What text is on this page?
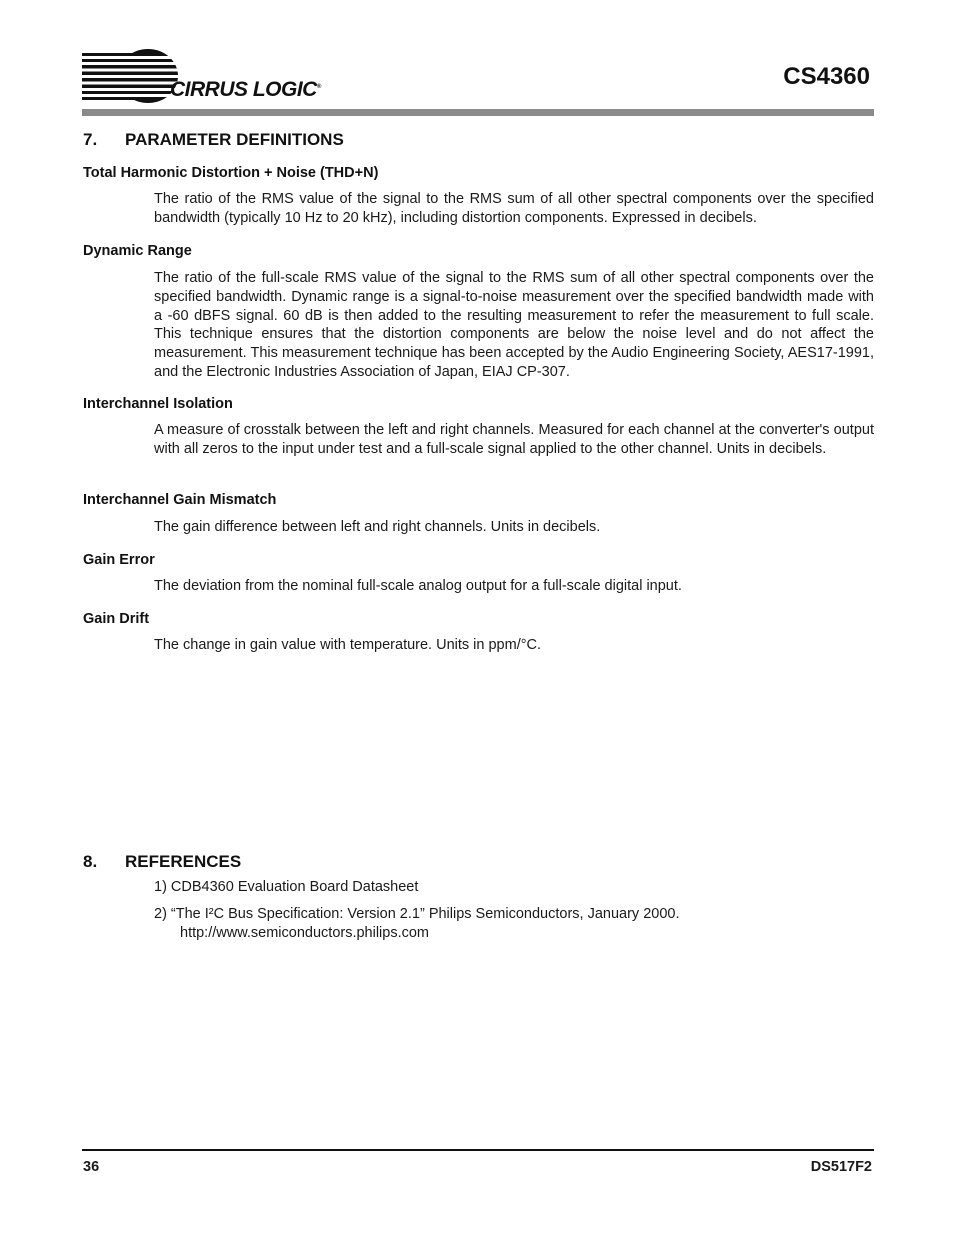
CIRRUS LOGIC®	CS4360
7. PARAMETER DEFINITIONS
Total Harmonic Distortion + Noise (THD+N)
The ratio of the RMS value of the signal to the RMS sum of all other spectral components over the specified bandwidth (typically 10 Hz to 20 kHz), including distortion components. Expressed in decibels.
Dynamic Range
The ratio of the full-scale RMS value of the signal to the RMS sum of all other spectral components over the specified bandwidth. Dynamic range is a signal-to-noise measurement over the specified bandwidth made with a -60 dBFS signal. 60 dB is then added to the resulting measurement to refer the measurement to full scale. This technique ensures that the distortion components are below the noise level and do not affect the measurement. This measurement technique has been accepted by the Audio Engineering Society, AES17-1991, and the Electronic Industries Association of Japan, EIAJ CP-307.
Interchannel Isolation
A measure of crosstalk between the left and right channels. Measured for each channel at the converter's output with all zeros to the input under test and a full-scale signal applied to the other channel. Units in decibels.
Interchannel Gain Mismatch
The gain difference between left and right channels. Units in decibels.
Gain Error
The deviation from the nominal full-scale analog output for a full-scale digital input.
Gain Drift
The change in gain value with temperature. Units in ppm/°C.
8. REFERENCES
1) CDB4360 Evaluation Board Datasheet
2) “The I²C Bus Specification: Version 2.1” Philips Semiconductors, January 2000.
http://www.semiconductors.philips.com
36	DS517F2
